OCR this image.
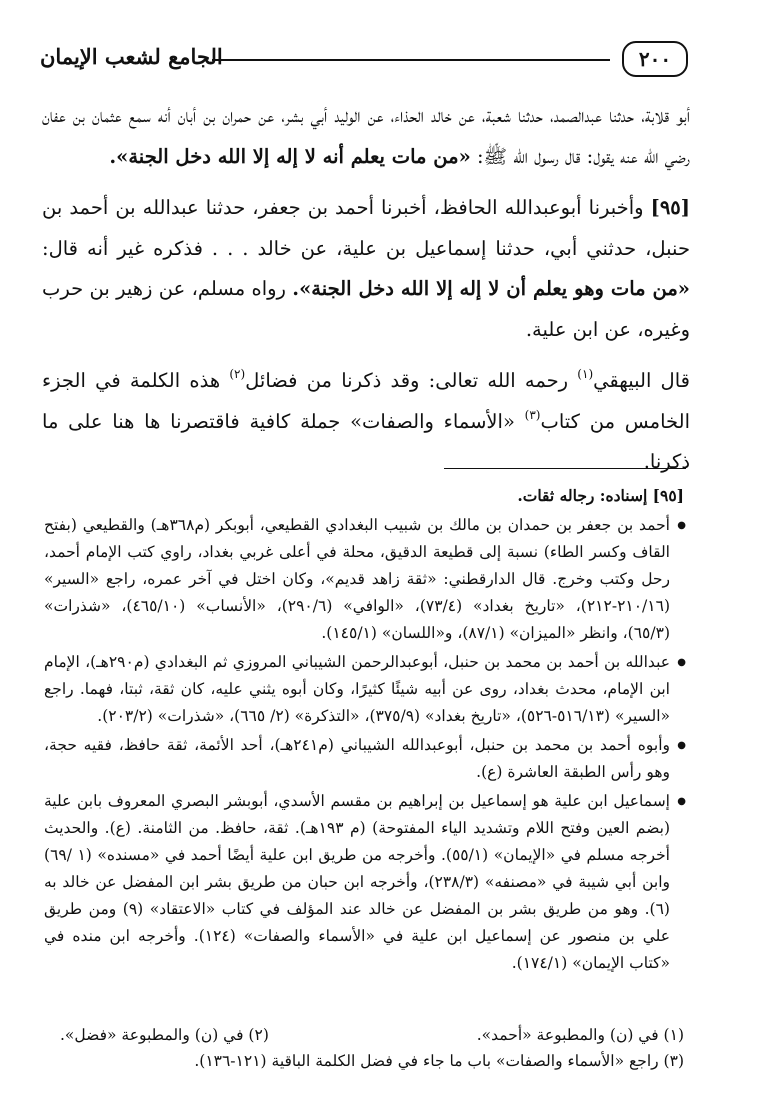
٢٠٠
الجامع لشعب الإيمان

أبو قلابة، حدثنا عبدالصمد، حدثنا شعبة، عن خالد الحذاء، عن الوليد أبي بشر، عن حمران بن أبان أنه سمع عثمان بن عفان رضي الله عنه يقول: قال رسول الله ﷺ: «من مات يعلم أنه لا إله إلا الله دخل الجنة».

[٩٥] وأخبرنا أبوعبدالله الحافظ، أخبرنا أحمد بن جعفر، حدثنا عبدالله بن أحمد بن حنبل، حدثني أبي، حدثنا إسماعيل بن علية، عن خالد . . . فذكره غير أنه قال: «من مات وهو يعلم أن لا إله إلا الله دخل الجنة». رواه مسلم، عن زهير بن حرب وغيره، عن ابن علية.

قال البيهقي$^{(١)}$ رحمه الله تعالى: وقد ذكرنا من فضائل$^{(٢)}$ هذه الكلمة في الجزء الخامس من كتاب$^{(٣)}$ «الأسماء والصفات» جملة كافية فاقتصرنا ها هنا على ما ذكرنا.

[٩٥] إسناده: رجاله ثقات.

● أحمد بن جعفر بن حمدان بن مالك بن شبيب البغدادي القطيعي، أبوبكر (م٣٦٨هـ) والقطيعي (بفتح القاف وكسر الطاء) نسبة إلى قطيعة الدقيق، محلة في أعلى غربي بغداد، راوي كتب الإمام أحمد، رحل وكتب وخرج. قال الدارقطني: «ثقة زاهد قديم»، وكان اختل في آخر عمره، راجع «السير» (٢١٠/١٦-٢١٢)، «تاريخ بغداد» (٧٣/٤)، «الوافي» (٢٩٠/٦)، «الأنساب» (٤٦٥/١٠)، «شذرات» (٦٥/٣)، وانظر «الميزان» (٨٧/١)، و«اللسان» (١٤٥/١).

● عبدالله بن أحمد بن محمد بن حنبل، أبوعبدالرحمن الشيباني المروزي ثم البغدادي (م٢٩٠هـ)، الإمام ابن الإمام، محدث بغداد، روى عن أبيه شيئًا كثيرًا، وكان أبوه يثني عليه، كان ثقة، ثبتا، فهما. راجع «السير» (٥١٦/١٣-٥٢٦)، «تاريخ بغداد» (٣٧٥/٩)، «التذكرة» (٢/ ٦٦٥)، «شذرات» (٢٠٣/٢).

● وأبوه أحمد بن محمد بن حنبل، أبوعبدالله الشيباني (م٢٤١هـ)، أحد الأئمة، ثقة حافظ، فقيه حجة، وهو رأس الطبقة العاشرة (ع).

● إسماعيل ابن علية هو إسماعيل بن إبراهيم بن مقسم الأسدي، أبوبشر البصري المعروف بابن علية (بضم العين وفتح اللام وتشديد الياء المفتوحة) (م ١٩٣هـ). ثقة، حافظ. من الثامنة. (ع). والحديث أخرجه مسلم في «الإيمان» (٥٥/١). وأخرجه من طريق ابن علية أيضًا أحمد في «مسنده» (١ /٦٩) وابن أبي شيبة في «مصنفه» (٢٣٨/٣)، وأخرجه ابن حبان من طريق بشر ابن المفضل عن خالد به (٦). وهو من طريق بشر بن المفضل عن خالد عند المؤلف في كتاب «الاعتقاد» (٩) ومن طريق علي بن منصور عن إسماعيل ابن علية في «الأسماء والصفات» (١٢٤). وأخرجه ابن منده في «كتاب الإيمان» (١٧٤/١).

(١) في (ن) والمطبوعة «أحمد».

(٢) في (ن) والمطبوعة «فضل».

(٣) راجع «الأسماء والصفات» باب ما جاء في فضل الكلمة الباقية (١٢١-١٣٦).
